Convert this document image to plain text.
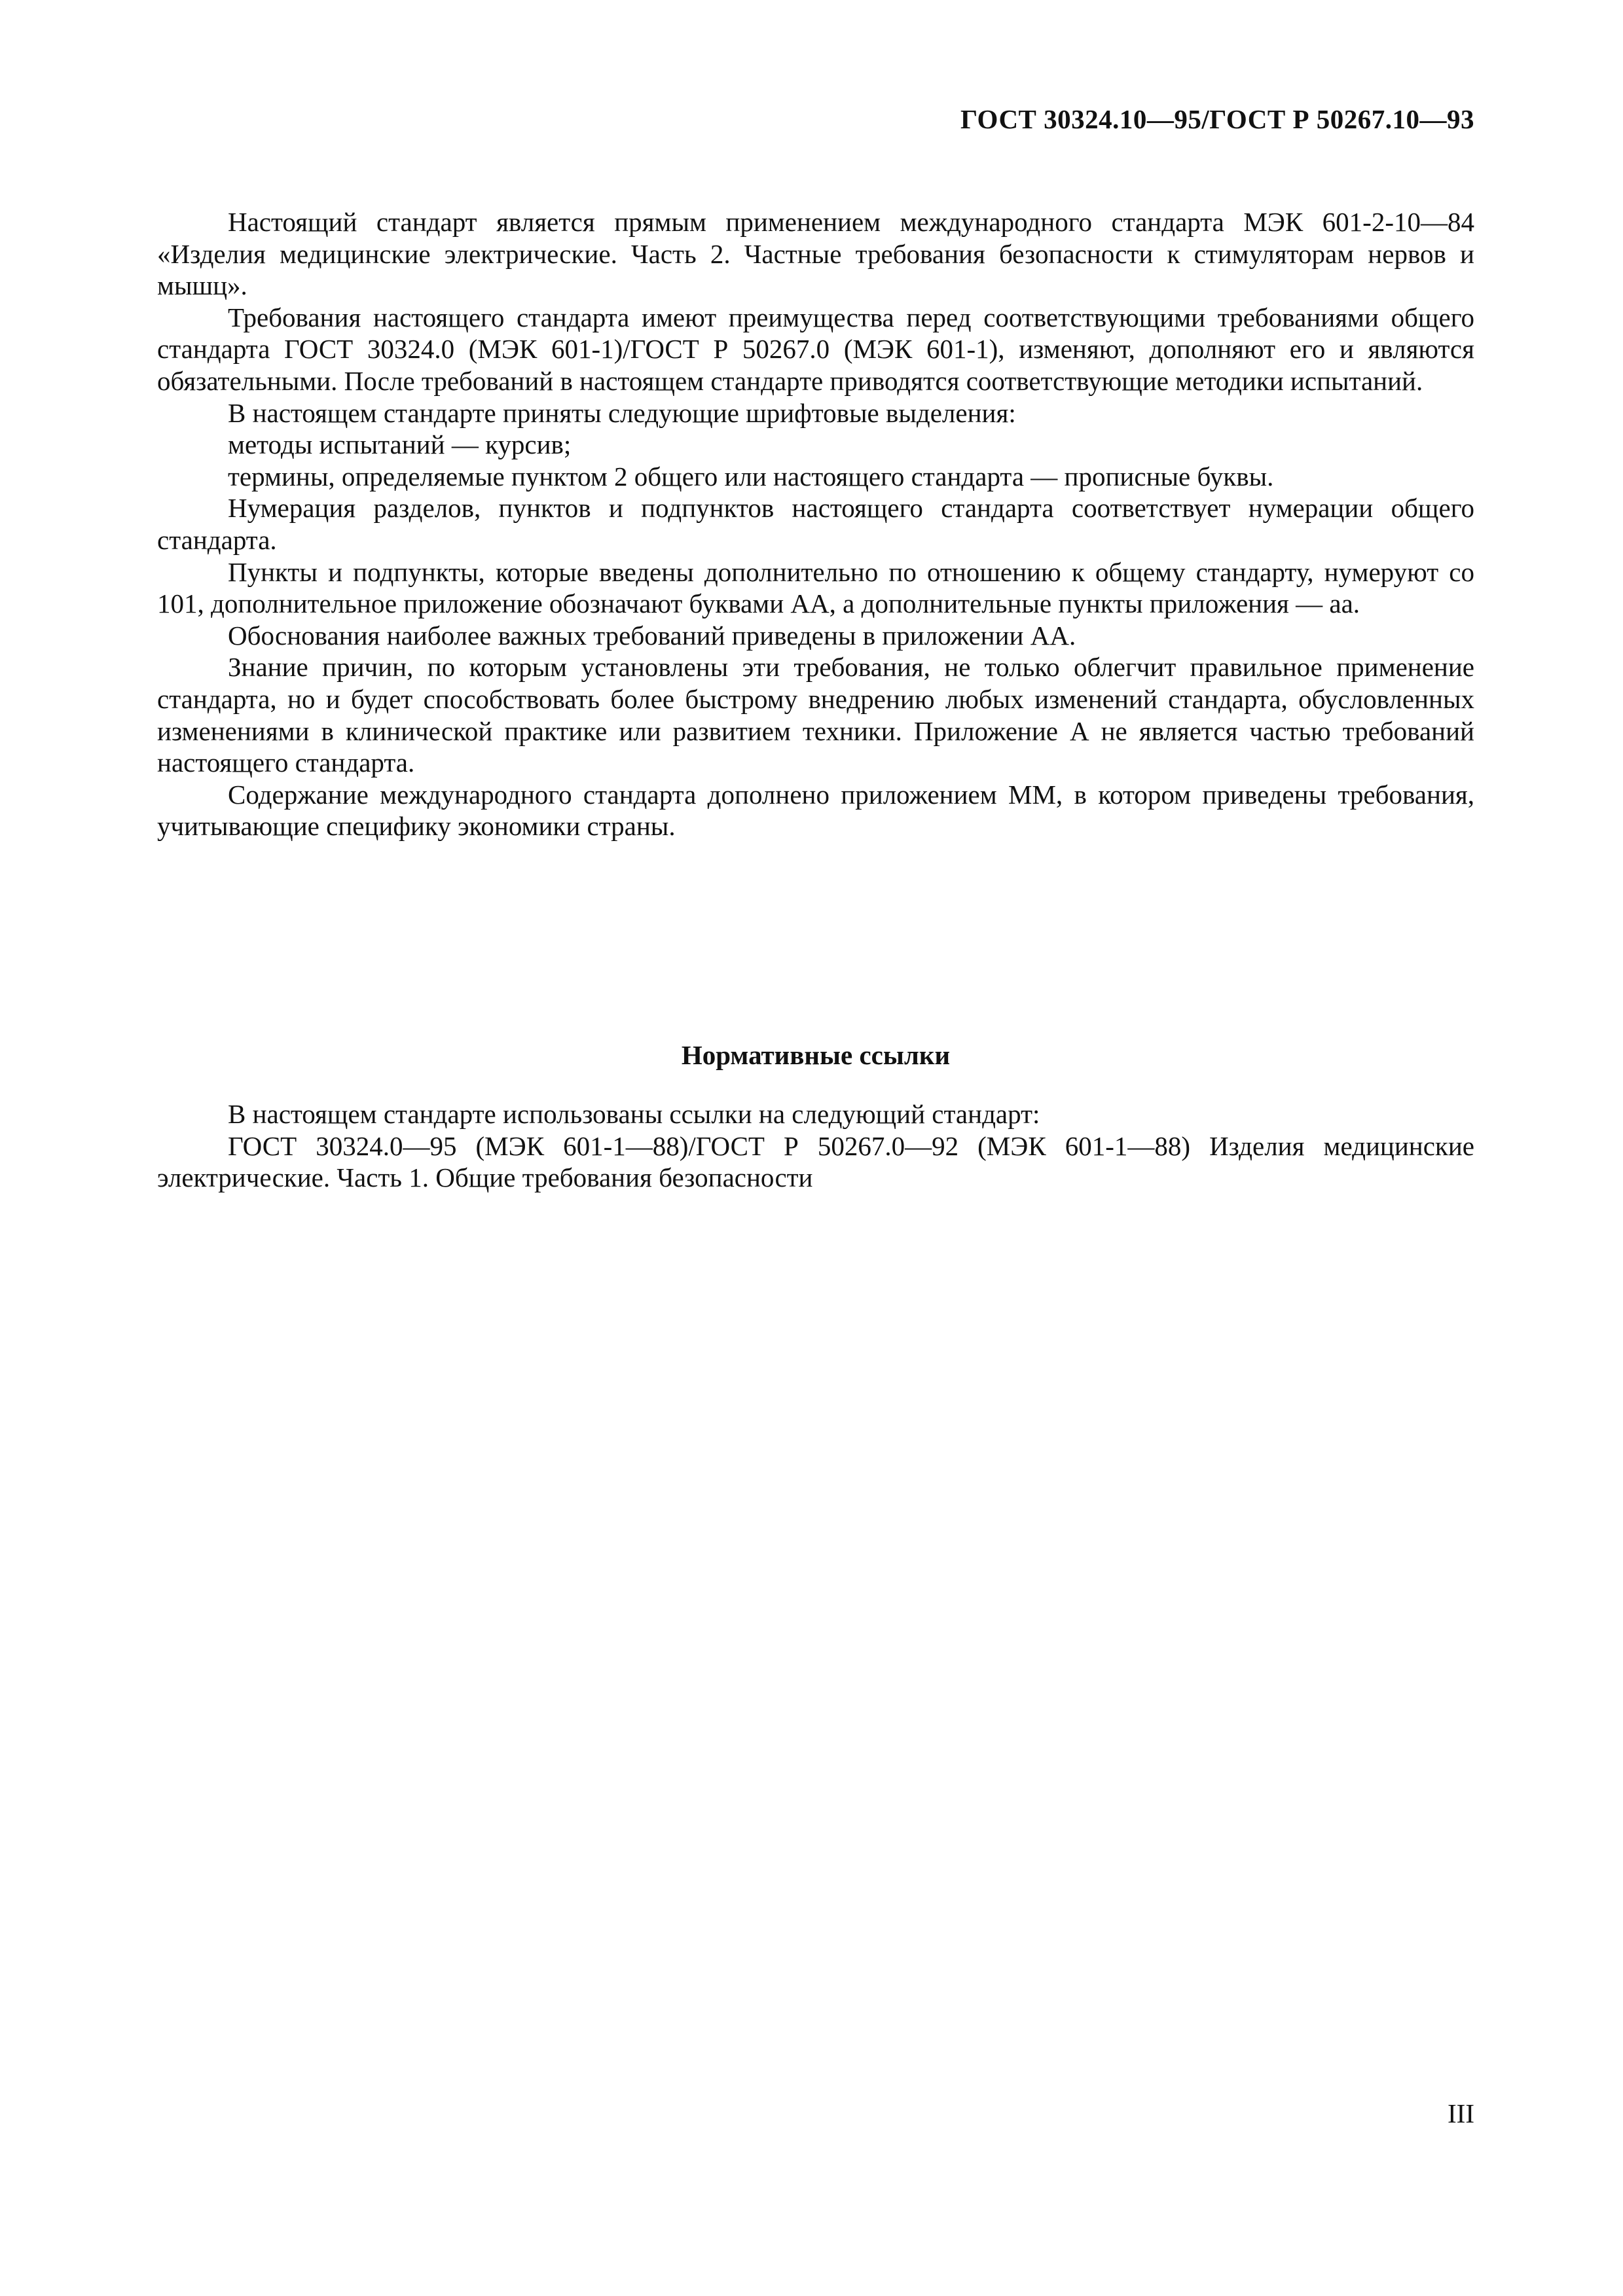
ГОСТ 30324.10—95/ГОСТ Р 50267.10—93

Настоящий стандарт является прямым применением международного стандарта МЭК 601-2-10—84 «Изделия медицинские электрические. Часть 2. Частные требования безопасности к стимуляторам нервов и мышц».

Требования настоящего стандарта имеют преимущества перед соответствующими требованиями общего стандарта ГОСТ 30324.0 (МЭК 601-1)/ГОСТ Р 50267.0 (МЭК 601-1), изменяют, дополняют его и являются обязательными. После требований в настоящем стандарте приводятся соответствующие методики испытаний.

В настоящем стандарте приняты следующие шрифтовые выделения:

методы испытаний — курсив;

термины, определяемые пунктом 2 общего или настоящего стандарта — прописные буквы.

Нумерация разделов, пунктов и подпунктов настоящего стандарта соответствует нумерации общего стандарта.

Пункты и подпункты, которые введены дополнительно по отношению к общему стандарту, нумеруют со 101, дополнительное приложение обозначают буквами АА, а дополнительные пункты приложения — аа.

Обоснования наиболее важных требований приведены в приложении АА.

Знание причин, по которым установлены эти требования, не только облегчит правильное применение стандарта, но и будет способствовать более быстрому внедрению любых изменений стандарта, обусловленных изменениями в клинической практике или развитием техники. Приложение А не является частью требований настоящего стандарта.

Содержание международного стандарта дополнено приложением ММ, в котором приведены требования, учитывающие специфику экономики страны.

Нормативные ссылки

В настоящем стандарте использованы ссылки на следующий стандарт:

ГОСТ 30324.0—95 (МЭК 601-1—88)/ГОСТ Р 50267.0—92 (МЭК 601-1—88) Изделия медицинские электрические. Часть 1. Общие требования безопасности

III
